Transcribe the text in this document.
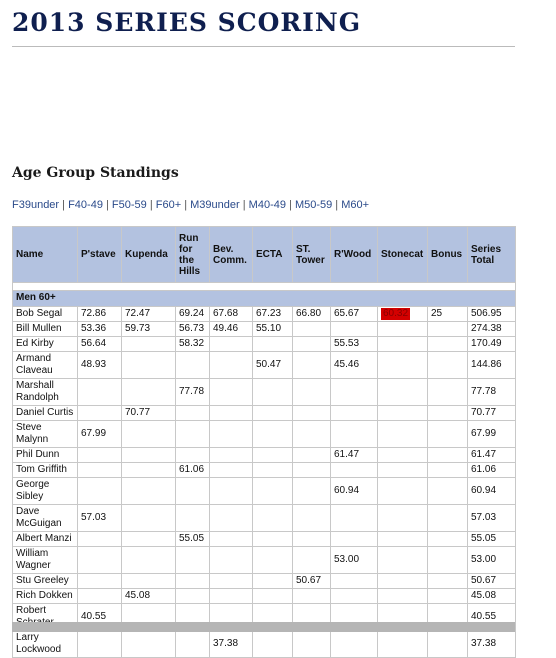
2013 SERIES SCORING
Age Group Standings
F39under | F40-49 | F50-59 | F60+ | M39under | M40-49 | M50-59 | M60+
Name	P'stave	Kupenda	Run for the Hills	Bev. Comm.	ECTA	ST. Tower	R'Wood	Stonecat	Bonus	Series Total

Men 60+										
Bob Segal	72.86	72.47	69.24	67.68	67.23	66.80	65.67	60.32	25	506.95
Bill Mullen	53.36	59.73	56.73	49.46	55.10					274.38
Ed Kirby	56.64		58.32				55.53			170.49
Armand Claveau	48.93				50.47		45.46			144.86
Marshall Randolph			77.78							77.78
Daniel Curtis		70.77								70.77
Steve Malynn	67.99									67.99
Phil Dunn							61.47			61.47
Tom Griffith			61.06							61.06
George Sibley							60.94			60.94
Dave McGuigan	57.03									57.03
Albert Manzi			55.05							55.05
William Wagner							53.00			53.00
Stu Greeley						50.67				50.67
Rich Dokken		45.08								45.08
Robert	40.55									40.55
Larry Lockwood				37.38						37.38
